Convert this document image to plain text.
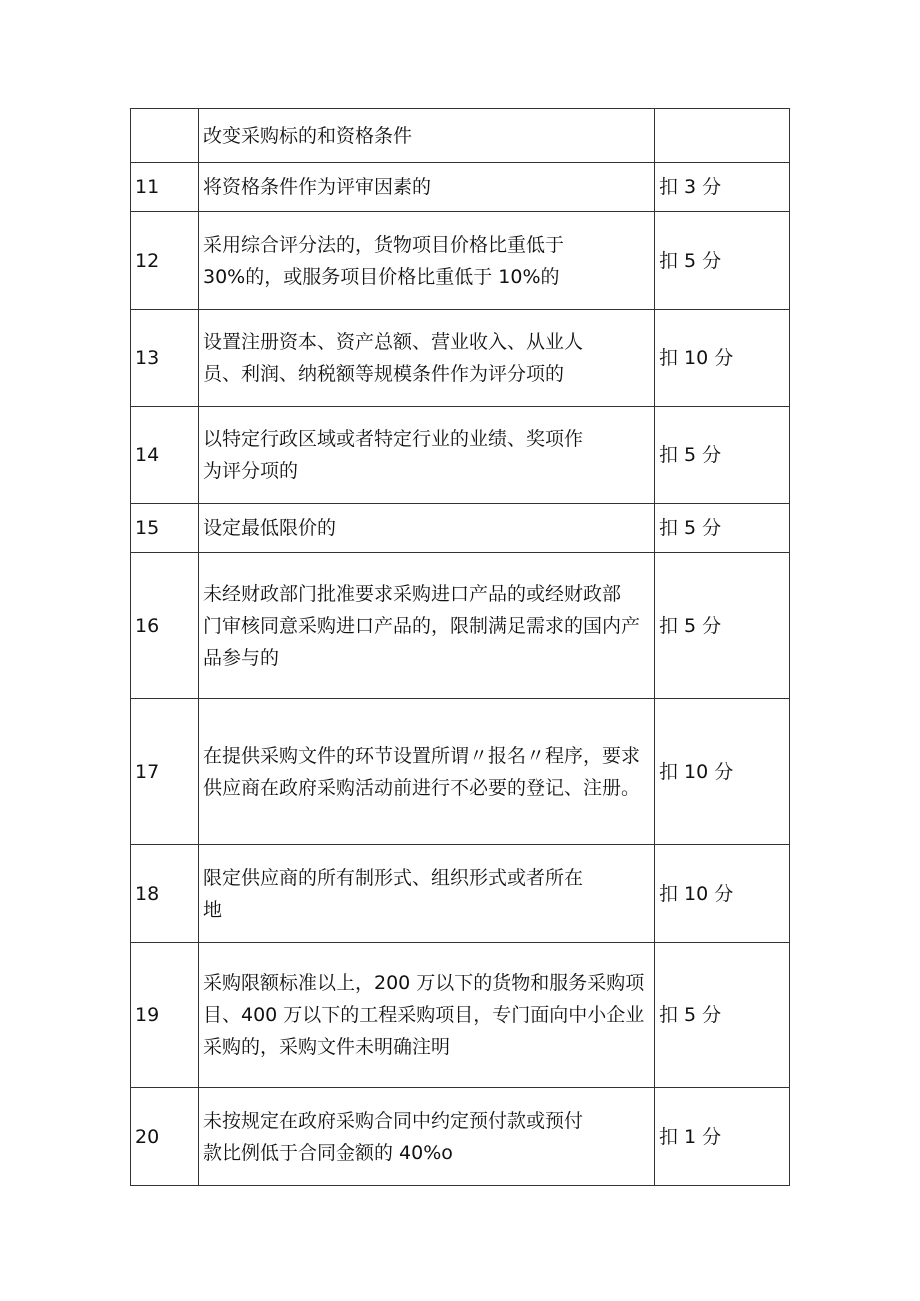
	改变采购标的和资格条件	

11	将资格条件作为评审因素的	扣 3 分
12	采用综合评分法的，货物项目价格比重低于
30%的，或服务项目价格比重低于 10%的	扣 5 分
13	设置注册资本、资产总额、营业收入、从业人
员、利润、纳税额等规模条件作为评分项的	扣 10 分
14	以特定行政区域或者特定行业的业绩、奖项作
为评分项的	扣 5 分
15	设定最低限价的	扣 5 分
16	未经财政部门批准要求采购进口产品的或经财政部
门审核同意采购进口产品的，限制满足需求的国内产
品参与的	扣 5 分
17	在提供采购文件的环节设置所谓〃报名〃程序，要求
供应商在政府采购活动前进行不必要的登记、注册。	扣 10 分
18	限定供应商的所有制形式、组织形式或者所在
地	扣 10 分
19	采购限额标准以上，200 万以下的货物和服务采购项
目、400 万以下的工程采购项目，专门面向中小企业
采购的，采购文件未明确注明	扣 5 分
20	未按规定在政府采购合同中约定预付款或预付
款比例低于合同金额的 40%o	扣 1 分
